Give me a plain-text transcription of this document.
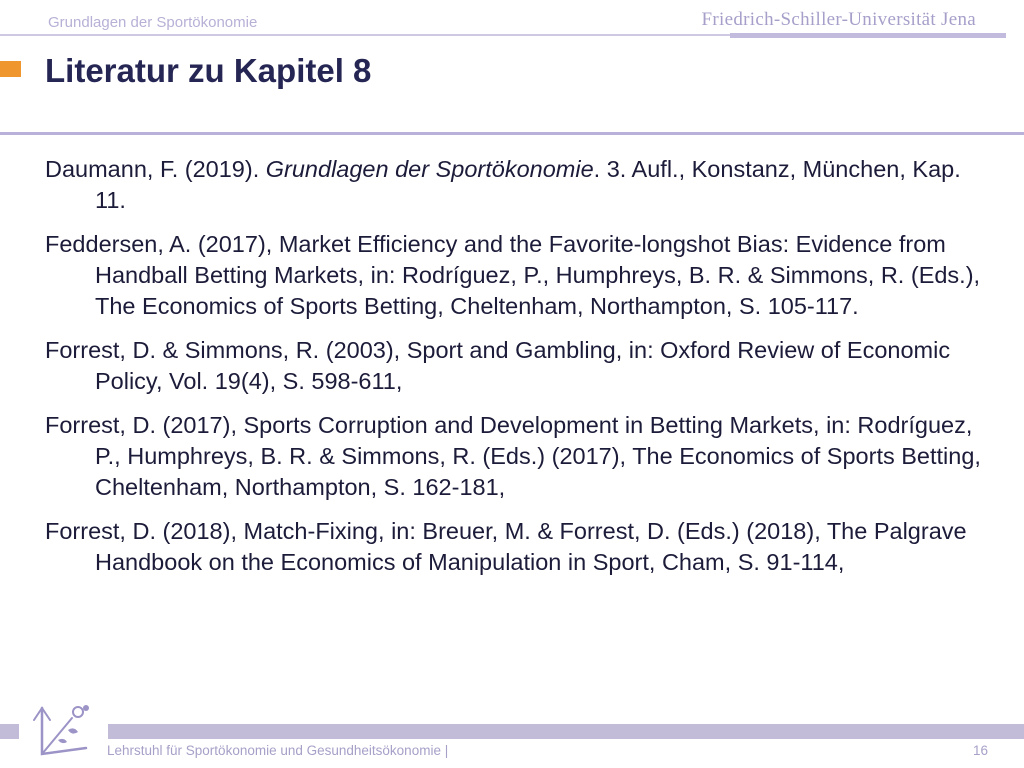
Grundlagen der Sportökonomie	Friedrich-Schiller-Universität Jena
Literatur zu Kapitel 8

Daumann, F. (2019). Grundlagen der Sportökonomie. 3. Aufl., Konstanz, München, Kap. 11.

Feddersen, A. (2017), Market Efficiency and the Favorite-longshot Bias: Evidence from Handball Betting Markets, in: Rodríguez, P., Humphreys, B. R. & Simmons, R. (Eds.), The Economics of Sports Betting, Cheltenham, Northampton, S. 105-117.

Forrest, D. & Simmons, R. (2003), Sport and Gambling, in: Oxford Review of Economic Policy, Vol. 19(4), S. 598-611,

Forrest, D. (2017), Sports Corruption and Development in Betting Markets, in: Rodríguez, P., Humphreys, B. R. & Simmons, R. (Eds.) (2017), The Economics of Sports Betting, Cheltenham, Northampton, S. 162-181,

Forrest, D. (2018), Match-Fixing, in: Breuer, M. & Forrest, D. (Eds.) (2018), The Palgrave Handbook on the Economics of Manipulation in Sport, Cham, S. 91-114,

Lehrstuhl für Sportökonomie und Gesundheitsökonomie |	16
